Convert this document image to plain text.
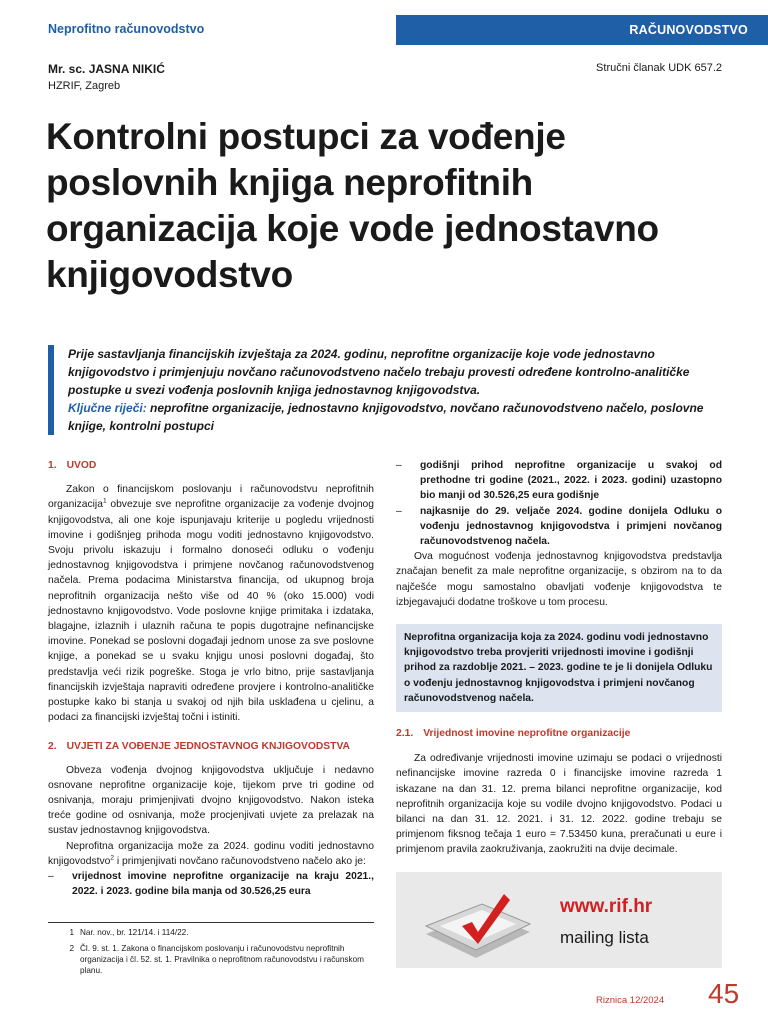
Neprofitno računovodstvo	RAČUNOVODSTVO
Mr. sc. JASNA NIKIĆ
HZRIF, Zagreb
Stručni članak UDK 657.2
Kontrolni postupci za vođenje poslovnih knjiga neprofitnih organizacija koje vode jednostavno knjigovodstvo

Prije sastavljanja financijskih izvještaja za 2024. godinu, neprofitne organizacije koje vode jednostavno knjigovodstvo i primjenjuju novčano računovodstveno načelo trebaju provesti određene kontrolno-analitičke postupke u svezi vođenja poslovnih knjiga jednostavnog knjigovodstva.
Ključne riječi: neprofitne organizacije, jednostavno knjigovodstvo, novčano računovodstveno načelo, poslovne knjige, kontrolni postupci

1. UVOD

Zakon o financijskom poslovanju i računovodstvu neprofitnih organizacija$^1$ obvezuje sve neprofitne organizacije za vođenje dvojnog knjigovodstva, ali one koje ispunjavaju kriterije u pogledu vrijednosti imovine i godišnjeg prihoda mogu voditi jednostavno knjigovodstvo. Svoju privolu iskazuju i formalno donoseći odluku o vođenju jednostavnog knjigovodstva i primjene novčanog računovodstvenog načela. Prema podacima Ministarstva financija, od ukupnog broja neprofitnih organizacija nešto više od 40 % (oko 15.000) vodi jednostavno knjigovodstvo. Vode poslovne knjige primitaka i izdataka, blagajne, izlaznih i ulaznih računa te popis dugotrajne nefinancijske imovine. Ponekad se poslovni događaji jednom unose za sve poslovne knjige, a ponekad se u svaku knjigu unosi poslovni događaj, što predstavlja veći rizik pogreške. Stoga je vrlo bitno, prije sastavljanja financijskih izvještaja napraviti određene provjere i kontrolno-analitičke postupke kako bi stanja u svakoj od njih bila usklađena u cjelinu, a podaci za financijski izvještaj točni i istiniti.

2. UVJETI ZA VOĐENJE JEDNOSTAVNOG KNJIGOVODSTVA

Obveza vođenja dvojnog knjigovodstva uključuje i nedavno osnovane neprofitne organizacije koje, tijekom prve tri godine od osnivanja, moraju primjenjivati dvojno knjigovodstvo. Nakon isteka treće godine od osnivanja, može procjenjivati uvjete za prelazak na sustav jednostavnog knjigovodstva.

Neprofitna organizacija može za 2024. godinu voditi jednostavno knjigovodstvo$^2$ i primjenjivati novčano računovodstveno načelo ako je:

–	vrijednost imovine neprofitne organizacije na kraju 2021., 2022. i 2023. godine bila manja od 30.526,25 eura
1 Nar. nov., br. 121/14. i 114/22.
2 Čl. 9. st. 1. Zakona o financijskom poslovanju i računovodstvu neprofitnih organizacija i čl. 52. st. 1. Pravilnika o neprofitnom računovodstvu i računskom planu.
–	godišnji prihod neprofitne organizacije u svakoj od prethodne tri godine (2021., 2022. i 2023. godini) uzastopno bio manji od 30.526,25 eura godišnje
–	najkasnije do 29. veljače 2024. godine donijela Odluku o vođenju jednostavnog knjigovodstva i primjeni novčanog računovodstvenog načela.

Ova mogućnost vođenja jednostavnog knjigovodstva predstavlja značajan benefit za male neprofitne organizacije, s obzirom na to da najčešće mogu samostalno obavljati vođenje knjigovodstva te izbjegavajući dodatne troškove u tom procesu.

Neprofitna organizacija koja za 2024. godinu vodi jednostavno knjigovodstvo treba provjeriti vrijednosti imovine i godišnji prihod za razdoblje 2021. – 2023. godine te je li donijela Odluku o vođenju jednostavnog knjigovodstva i primjeni novčanog računovodstvenog načela.

2.1. Vrijednost imovine neprofitne organizacije

Za određivanje vrijednosti imovine uzimaju se podaci o vrijednosti nefinancijske imovine razreda 0 i financijske imovine razreda 1 iskazane na dan 31. 12. prema bilanci neprofitne organizacije, kod neprofitnih organizacija koje su vodile dvojno knjigovodstvo. Podaci u bilanci na dan 31. 12. 2021. i 31. 12. 2022. godine trebaju se primjenom fiksnog tečaja 1 euro = 7.53450 kuna, preračunati u eure i primjenom pravila zaokruživanja, zaokružiti na dvije decimale.

www.rif.hr
mailing lista
Riznica 12/2024 45
